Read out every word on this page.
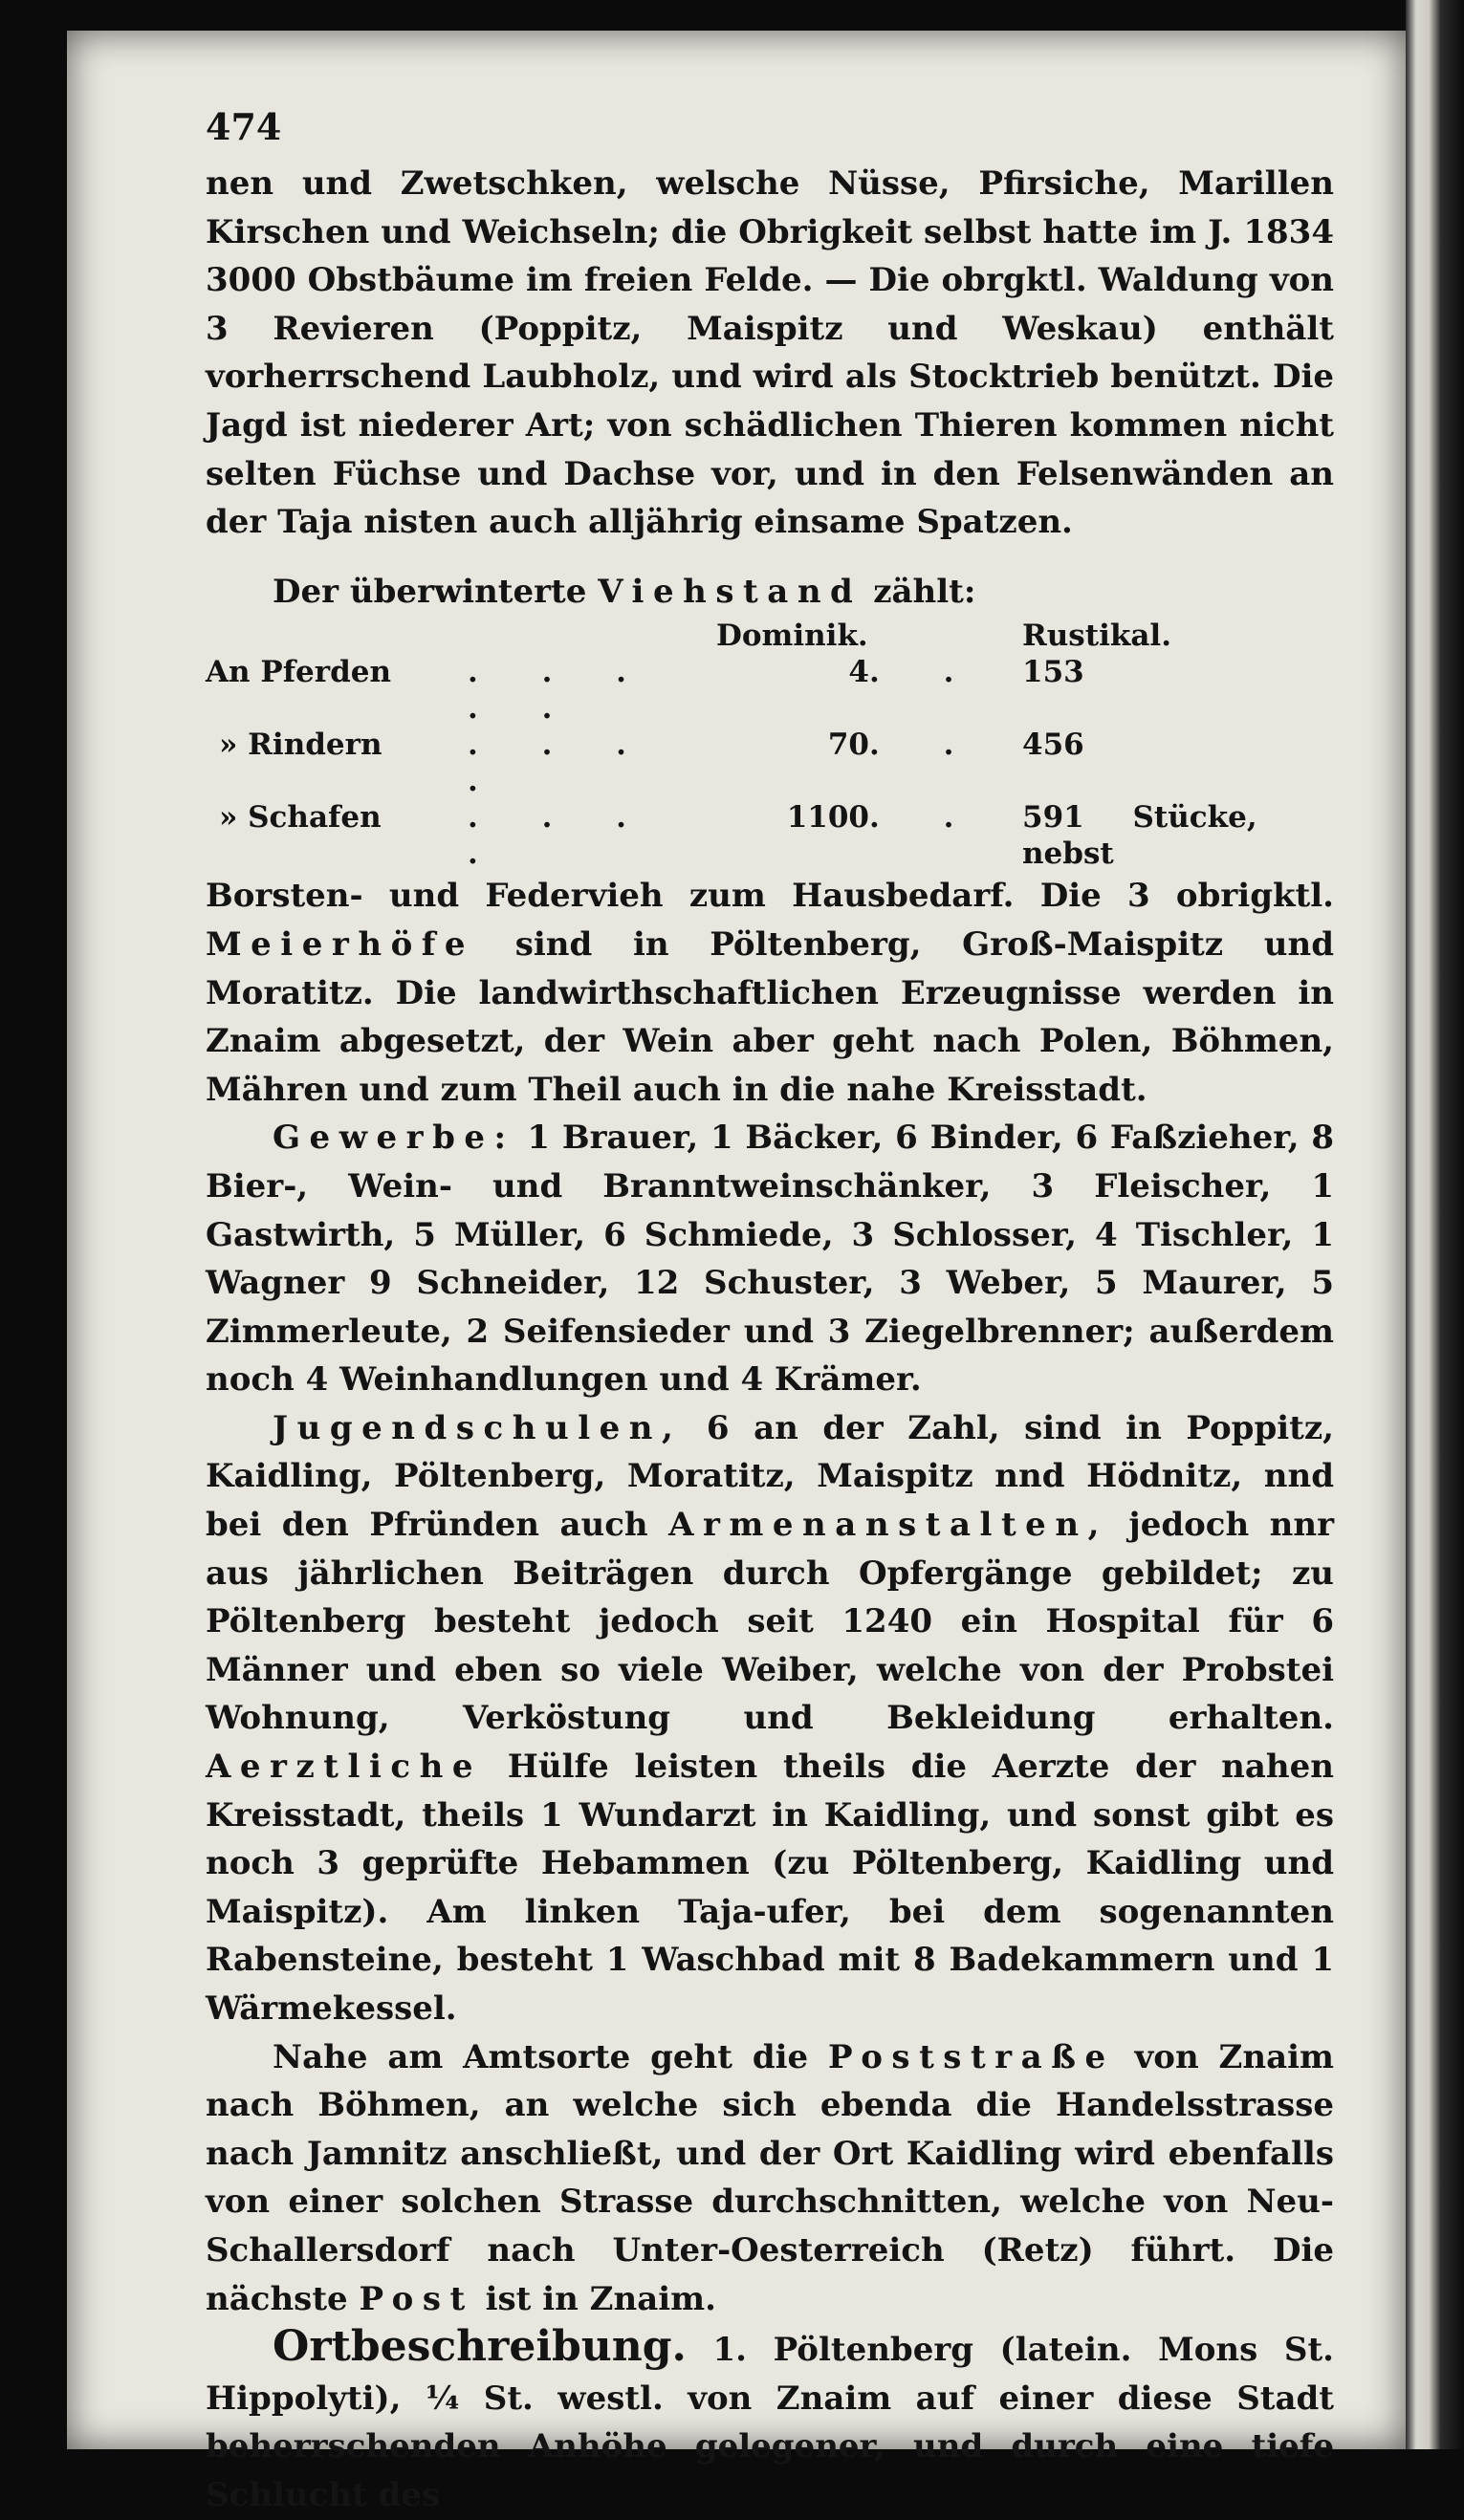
474

nen und Zwetschken, welsche Nüsse, Pfirsiche, Marillen Kirschen und Weichseln; die Obrigkeit selbst hatte im J. 1834 3000 Obstbäume im freien Felde. — Die obrgktl. Waldung von 3 Revieren (Poppitz, Maispitz und Weskau) enthält vorherrschend Laubholz, und wird als Stocktrieb benützt. Die Jagd ist niederer Art; von schädlichen Thieren kommen nicht selten Füchse und Dachse vor, und in den Felsenwänden an der Taja nisten auch alljährig einsame Spatzen.

Der überwinterte Viehstand zählt:

		Dominik.		Rustikal.
An Pferden	. . . . .	4	. .	153
» Rindern	. . . .	70	. .	456
» Schafen	. . . .	1100	. .	591 Stücke, nebst

Borsten- und Federvieh zum Hausbedarf. Die 3 obrigktl. Meierhöfe sind in Pöltenberg, Groß-Maispitz und Moratitz. Die landwirthschaftlichen Erzeugnisse werden in Znaim abgesetzt, der Wein aber geht nach Polen, Böhmen, Mähren und zum Theil auch in die nahe Kreisstadt.

Gewerbe: 1 Brauer, 1 Bäcker, 6 Binder, 6 Faßzieher, 8 Bier-, Wein- und Branntweinschänker, 3 Fleischer, 1 Gastwirth, 5 Müller, 6 Schmiede, 3 Schlosser, 4 Tischler, 1 Wagner 9 Schneider, 12 Schuster, 3 Weber, 5 Maurer, 5 Zimmerleute, 2 Seifensieder und 3 Ziegelbrenner; außerdem noch 4 Weinhandlungen und 4 Krämer.

Jugendschulen, 6 an der Zahl, sind in Poppitz, Kaidling, Pöltenberg, Moratitz, Maispitz nnd Hödnitz, nnd bei den Pfründen auch Armenanstalten, jedoch nnr aus jährlichen Beiträgen durch Opfergänge gebildet; zu Pöltenberg besteht jedoch seit 1240 ein Hospital für 6 Männer und eben so viele Weiber, welche von der Probstei Wohnung, Verköstung und Bekleidung erhalten. Aerztliche Hülfe leisten theils die Aerzte der nahen Kreisstadt, theils 1 Wundarzt in Kaidling, und sonst gibt es noch 3 geprüfte Hebammen (zu Pöltenberg, Kaidling und Maispitz). Am linken Taja-ufer, bei dem sogenannten Rabensteine, besteht 1 Waschbad mit 8 Badekammern und 1 Wärmekessel.

Nahe am Amtsorte geht die Poststraße von Znaim nach Böhmen, an welche sich ebenda die Handelsstrasse nach Jamnitz anschließt, und der Ort Kaidling wird ebenfalls von einer solchen Strasse durchschnitten, welche von Neu-Schallersdorf nach Unter-Oesterreich (Retz) führt. Die nächste Post ist in Znaim.

Ortbeschreibung. 1. Pöltenberg (latein. Mons St. Hippolyti), ¼ St. westl. von Znaim auf einer diese Stadt beherrschenden Anhöhe gelegener, und durch eine tiefe Schlucht des
